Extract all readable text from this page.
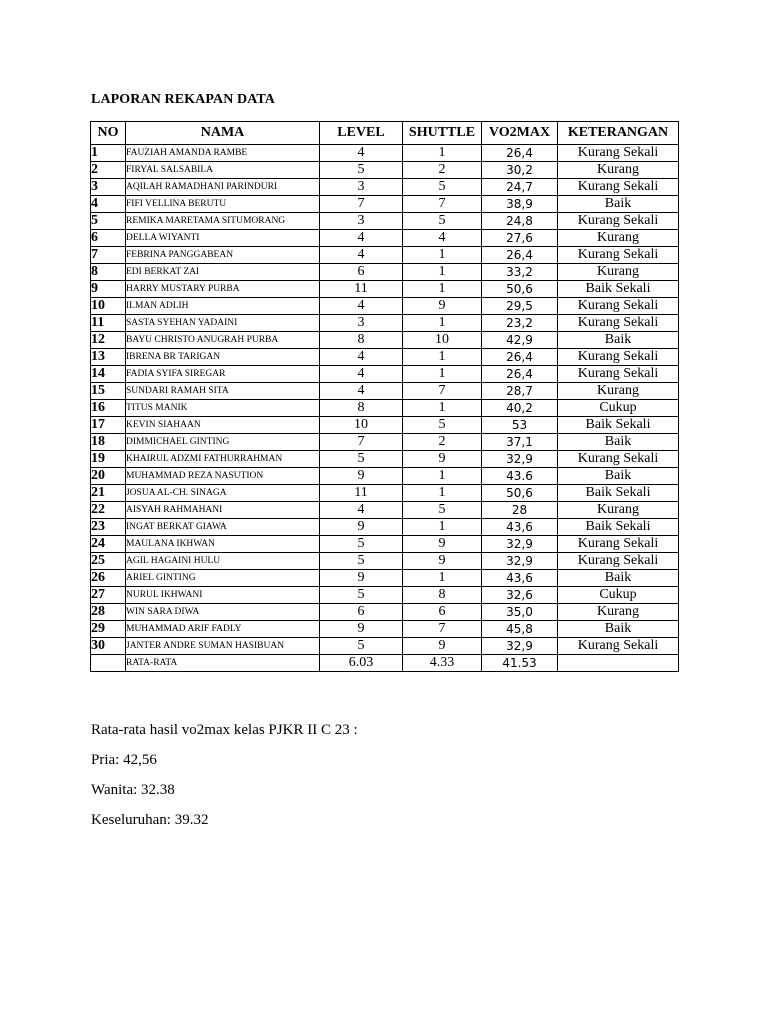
LAPORAN REKAPAN DATA
NO	NAMA	LEVEL	SHUTTLE	VO2MAX	KETERANGAN
1	FAUZIAH AMANDA RAMBE	4	1	26,4	Kurang Sekali
2	FIRYAL SALSABILA	5	2	30,2	Kurang
3	AQILAH RAMADHANI PARINDURI	3	5	24,7	Kurang Sekali
4	FIFI VELLINA BERUTU	7	7	38,9	Baik
5	REMIKA MARETAMA SITUMORANG	3	5	24,8	Kurang Sekali
6	DELLA WIYANTI	4	4	27,6	Kurang
7	FEBRINA PANGGABEAN	4	1	26,4	Kurang Sekali
8	EDI BERKAT ZAI	6	1	33,2	Kurang
9	HARRY MUSTARY PURBA	11	1	50,6	Baik Sekali
10	ILMAN ADLIH	4	9	29,5	Kurang Sekali
11	SASTA SYEHAN YADAINI	3	1	23,2	Kurang Sekali
12	BAYU CHRISTO ANUGRAH PURBA	8	10	42,9	Baik
13	IBRENA BR TARIGAN	4	1	26,4	Kurang Sekali
14	FADIA SYIFA SIREGAR	4	1	26,4	Kurang Sekali
15	SUNDARI RAMAH SITA	4	7	28,7	Kurang
16	TITUS MANIK	8	1	40,2	Cukup
17	KEVIN SIAHAAN	10	5	53	Baik Sekali
18	DIMMICHAEL GINTING	7	2	37,1	Baik
19	KHAIRUL ADZMI FATHURRAHMAN	5	9	32,9	Kurang Sekali
20	MUHAMMAD REZA NASUTION	9	1	43.6	Baik
21	JOSUA AL-CH. SINAGA	11	1	50,6	Baik Sekali
22	AISYAH RAHMAHANI	4	5	28	Kurang
23	INGAT BERKAT GIAWA	9	1	43,6	Baik Sekali
24	MAULANA IKHWAN	5	9	32,9	Kurang Sekali
25	AGIL HAGAINI HULU	5	9	32,9	Kurang Sekali
26	ARIEL GINTING	9	1	43,6	Baik
27	NURUL IKHWANI	5	8	32,6	Cukup
28	WIN SARA DIWA	6	6	35,0	Kurang
29	MUHAMMAD ARIF FADLY	9	7	45,8	Baik
30	JANTER ANDRE SUMAN HASIBUAN	5	9	32,9	Kurang Sekali
	RATA-RATA	6.03	4.33	41.53	
Rata-rata hasil vo2max kelas PJKR II C 23 :
Pria: 42,56
Wanita: 32.38
Keseluruhan: 39.32
